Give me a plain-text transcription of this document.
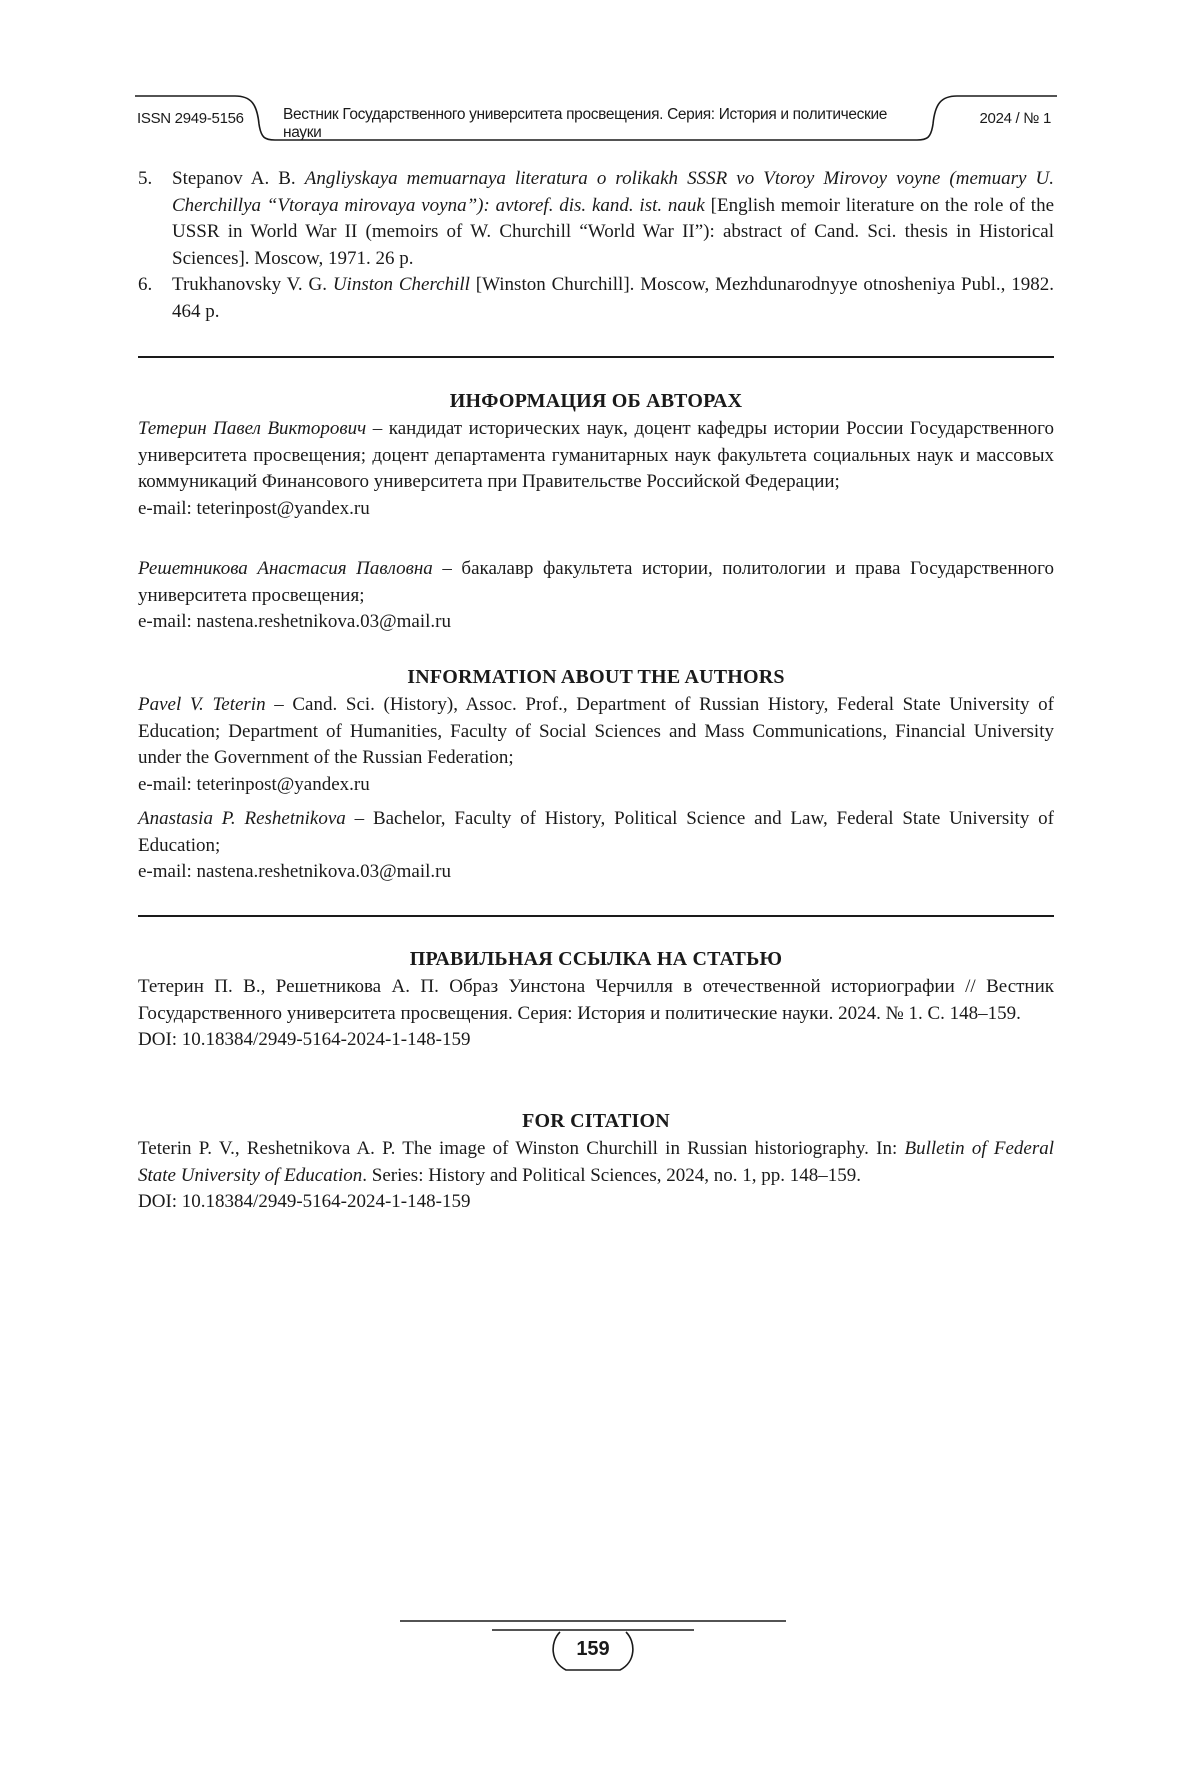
ISSN 2949-5156	Вестник Государственного университета просвещения. Серия: История и политические науки
2024 / № 1
5. Stepanov A. B. Angliyskaya memuarnaya literatura o rolikakh SSSR vo Vtoroy Mirovoy voyne (memuary U. Cherchillya “Vtoraya mirovaya voyna”): avtoref. dis. kand. ist. nauk [English memoir literature on the role of the USSR in World War II (memoirs of W. Churchill “World War II”): abstract of Cand. Sci. thesis in Historical Sciences]. Moscow, 1971. 26 p.
6. Trukhanovsky V. G. Uinston Cherchill [Winston Churchill]. Moscow, Mezhdunarodnyye otnosheniya Publ., 1982. 464 p.
ИНФОРМАЦИЯ ОБ АВТОРАХ
Тетерин Павел Викторович – кандидат исторических наук, доцент кафедры истории России Государственного университета просвещения; доцент департамента гуманитарных наук факультета социальных наук и массовых коммуникаций Финансового университета при Правительстве Российской Федерации;
e-mail: teterinpost@yandex.ru
Решетникова Анастасия Павловна – бакалавр факультета истории, политологии и права Государственного университета просвещения;
e-mail: nastena.reshetnikova.03@mail.ru
INFORMATION ABOUT THE AUTHORS
Pavel V. Teterin – Cand. Sci. (History), Assoc. Prof., Department of Russian History, Federal State University of Education; Department of Humanities, Faculty of Social Sciences and Mass Communications, Financial University under the Government of the Russian Federation;
e-mail: teterinpost@yandex.ru
Anastasia P. Reshetnikova – Bachelor, Faculty of History, Political Science and Law, Federal State University of Education;
e-mail: nastena.reshetnikova.03@mail.ru
ПРАВИЛЬНАЯ ССЫЛКА НА СТАТЬЮ
Тетерин П. В., Решетникова А. П. Образ Уинстона Черчилля в отечественной историографии // Вестник Государственного университета просвещения. Серия: История и политические науки. 2024. № 1. С. 148–159.
DOI: 10.18384/2949-5164-2024-1-148-159
FOR CITATION
Teterin P. V., Reshetnikova A. P. The image of Winston Churchill in Russian historiography. In: Bulletin of Federal State University of Education. Series: History and Political Sciences, 2024, no. 1, pp. 148–159.
DOI: 10.18384/2949-5164-2024-1-148-159
159
